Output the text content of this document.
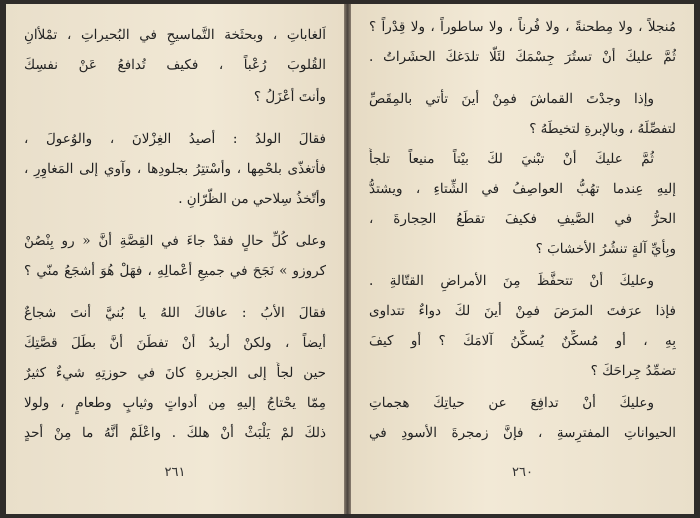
اَلغاباتِ ، وبحثَخة التَّماسيحِ في البُحيراتِ ، تمْلأانِ
القُلوبَ رُعْباً ، فكيف تُدافعُ عَنْ نفسِكَ
وأنتَ أعْزَلُ ؟
فقالَ الولدُ : أصيدُ الغِزْلانَ ، والوُعولَ ،
فأتغذّى بلحْمِها ، وأسْتتِرُ بجلودِها ، وآوي إلى المَغاوِرِ ،
وأتّخذُ سِلاحي من الظُّرّانِ .
وعلى كُلِّ حالٍ فقدْ جاءَ في القِصَّةِ أنَّ « رو بِنْصُنْ
كروزو » نَجَحَ في جميعِ أعْمالِهِ ، فهَلْ هُوَ أشجَعُ منّي ؟
فقالَ الأبُ : عافاكَ اللهُ يا بُنيَّ أنتَ شجاعٌ
أيضاً ، ولكنْ أريدُ أنْ تفطَنَ أنَّ بطَلَ قصَّتِكَ
حين لجأَ إلى الجزيرةِ كانَ في حوزتِهِ شيءٌ كثيرٌ
مِمّا يحْتاجُ إليهِ مِن أدواتٍ وثيابٍ وطعامٍ ، ولولا
ذلكَ لمْ يَلْبَثْ أنْ هلكَ . واعْلَمْ أنَّهُ ما مِنْ أحدٍ
٢٦١
مُنجلاً ، ولا مِطحنةً ، ولا فُرناً ، ولا ساطوراً ، ولا قِدْراً ؟
ثُمَّ عليكَ أنْ تستُرَ جِسْمَكَ لئَلّا تلدَغكَ الحشَراتُ .
وإذا وجدْتَ القماشَ فمِنْ أينَ تأتي بالمِقَصِّ
لتفصِّلَهُ ، وبالإبرةِ لتخيطَهُ ؟
ثُمَّ عليكَ أنْ تبْنيَ لكَ بيْتاً منيعاً تلجأُ
إليهِ عِندما تهُبُّ العواصِفُ في الشِّتاءِ ، ويشتدُّ
الحرُّ في الصَّيفِ فكيفَ تقطَعُ الحِجارةَ ،
وبِأيِّ آلةٍ تنشُرُ الأخشابَ ؟
وعليكَ أنْ تتحفَّظَ مِنَ الأمراضِ القتّالةِ .
فإذا عرَفتَ المرَضَ فمِنْ أينَ لكَ دواءٌ تتداوى
بِهِ ، أو مُسكِّنٌ يُسكِّنُ آلامَكَ ؟ أو كيفَ
تضمِّدُ جِراحَكَ ؟
وعليكَ أنْ تدافِعَ عن حياتِكَ هجماتِ
الحيواناتِ المفترِسةِ ، فإنَّ زمجرةَ الأسودِ في
٢٦٠
